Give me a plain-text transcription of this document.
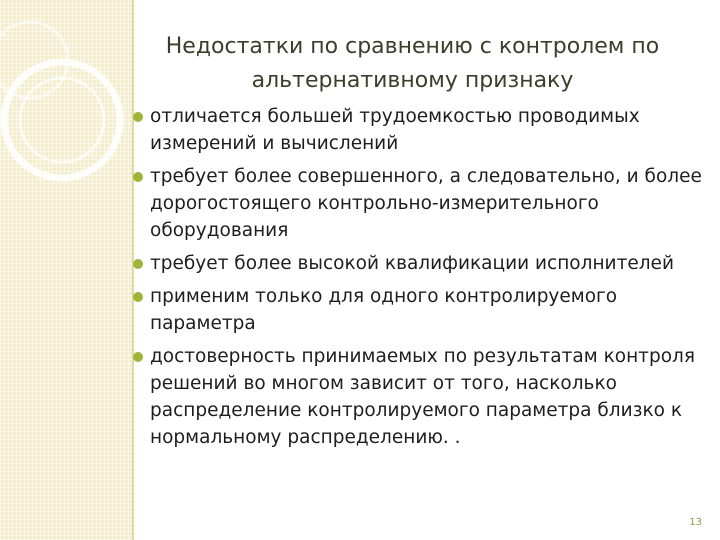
Недостатки по сравнению с контролем по альтернативному признаку
отличается большей трудоемкостью проводимых измерений и вычислений
требует более совершенного, а следовательно, и более дорогостоящего контрольно-измерительного оборудования
требует более высокой квалификации исполнителей
применим только для одного контролируемого параметра
достоверность принимаемых по результатам контроля решений во многом зависит от того, насколько распределение контролируемого параметра близко к нормальному распределению. .
13
